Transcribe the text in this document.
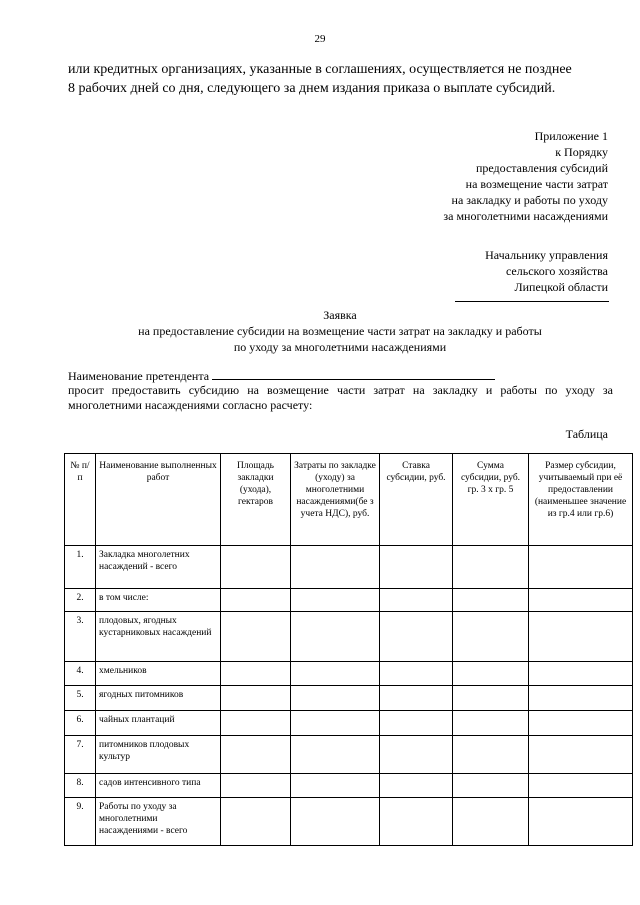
29

или кредитных организациях, указанные в соглашениях, осуществляется не позднее

8 рабочих дней со дня, следующего за днем издания приказа о выплате субсидий.

Приложение 1
к Порядку
предоставления субсидий
на возмещение части затрат
на закладку и работы по уходу
за многолетними насаждениями
Начальнику управления
сельского хозяйства
Липецкой области
Заявка
на предоставление субсидии на возмещение части затрат на закладку и работы
по уходу за многолетними насаждениями
Наименование претендента
просит предоставить субсидию на возмещение части затрат на закладку и работы по уходу за
многолетними насаждениями согласно расчету:
Таблица
№ п/п	Наименование выполненных работ	Площадь закладки (ухода), гектаров	Затраты по закладке (уходу) за многолетними насаждениями(бе з учета НДС), руб.	Ставка субсидии, руб.	Сумма субсидии, руб. гр. 3 х гр. 5	Размер субсидии, учитываемый при её предоставлении (наименьшее значение из гр.4 или гр.6)
1.	Закладка многолетних насаждений - всего					
2.	в том числе:					
3.	плодовых, ягодных кустарниковых насаждений					
4.	хмельников					
5.	ягодных питомников					
6.	чайных плантаций					
7.	питомников плодовых культур					
8.	садов интенсивного типа					
9.	Работы по уходу за многолетними насаждениями - всего					
